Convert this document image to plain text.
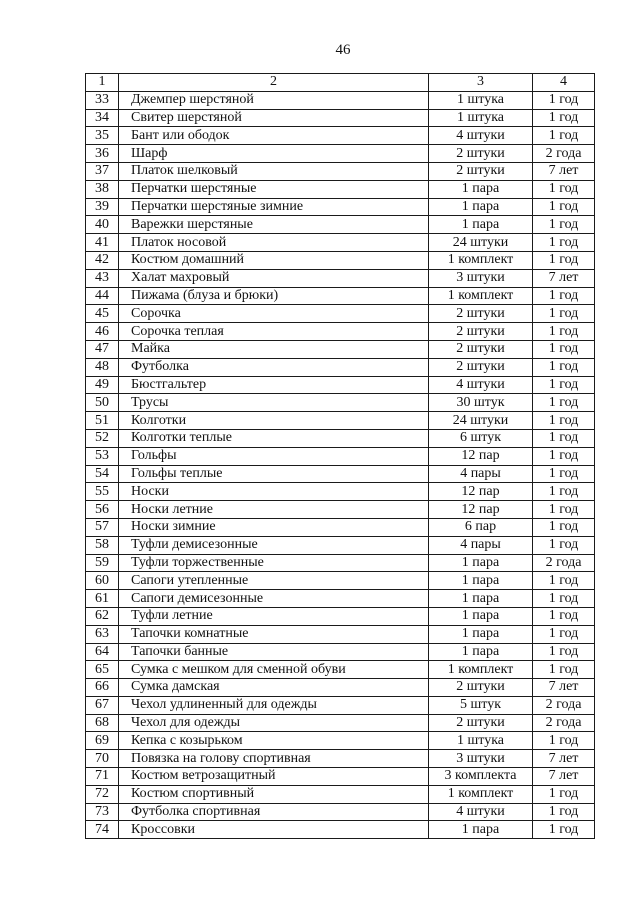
46
1	2	3	4
33	Джемпер шерстяной	1 штука	1 год
34	Свитер шерстяной	1 штука	1 год
35	Бант или ободок	4 штуки	1 год
36	Шарф	2 штуки	2 года
37	Платок шелковый	2 штуки	7 лет
38	Перчатки шерстяные	1 пара	1 год
39	Перчатки шерстяные зимние	1 пара	1 год
40	Варежки шерстяные	1 пара	1 год
41	Платок носовой	24 штуки	1 год
42	Костюм домашний	1 комплект	1 год
43	Халат махровый	3 штуки	7 лет
44	Пижама (блуза и брюки)	1 комплект	1 год
45	Сорочка	2 штуки	1 год
46	Сорочка теплая	2 штуки	1 год
47	Майка	2 штуки	1 год
48	Футболка	2 штуки	1 год
49	Бюстгальтер	4 штуки	1 год
50	Трусы	30 штук	1 год
51	Колготки	24 штуки	1 год
52	Колготки теплые	6 штук	1 год
53	Гольфы	12 пар	1 год
54	Гольфы теплые	4 пары	1 год
55	Носки	12 пар	1 год
56	Носки летние	12 пар	1 год
57	Носки зимние	6 пар	1 год
58	Туфли демисезонные	4 пары	1 год
59	Туфли торжественные	1 пара	2 года
60	Сапоги утепленные	1 пара	1 год
61	Сапоги демисезонные	1 пара	1 год
62	Туфли летние	1 пара	1 год
63	Тапочки комнатные	1 пара	1 год
64	Тапочки банные	1 пара	1 год
65	Сумка с мешком для сменной обуви	1 комплект	1 год
66	Сумка дамская	2 штуки	7 лет
67	Чехол удлиненный для одежды	5 штук	2 года
68	Чехол для одежды	2 штуки	2 года
69	Кепка с козырьком	1 штука	1 год
70	Повязка на голову спортивная	3 штуки	7 лет
71	Костюм ветрозащитный	3 комплекта	7 лет
72	Костюм спортивный	1 комплект	1 год
73	Футболка спортивная	4 штуки	1 год
74	Кроссовки	1 пара	1 год
